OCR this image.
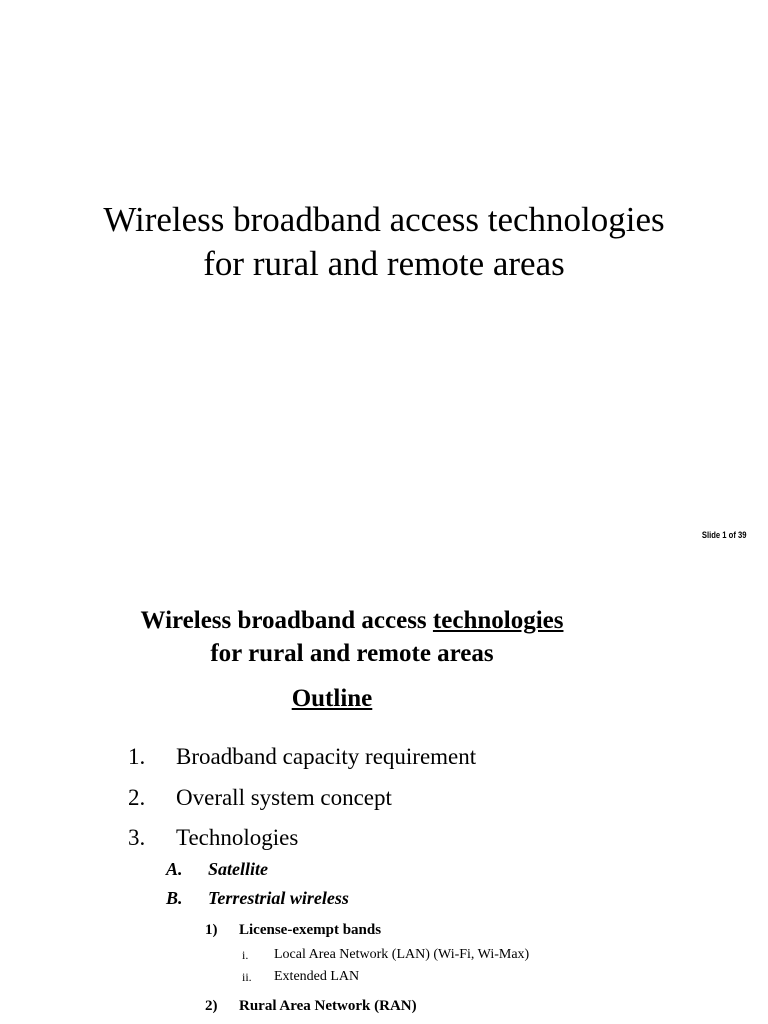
Wireless broadband access technologies
for rural and remote areas
Slide 1 of 39
Wireless broadband access technologies
for rural and remote areas
Outline
1. Broadband capacity requirement
2. Overall system concept
3. Technologies
A. Satellite
B. Terrestrial wireless
1) License-exempt bands
i. Local Area Network (LAN) (Wi-Fi, Wi-Max)
ii. Extended LAN
2) Rural Area Network (RAN)
